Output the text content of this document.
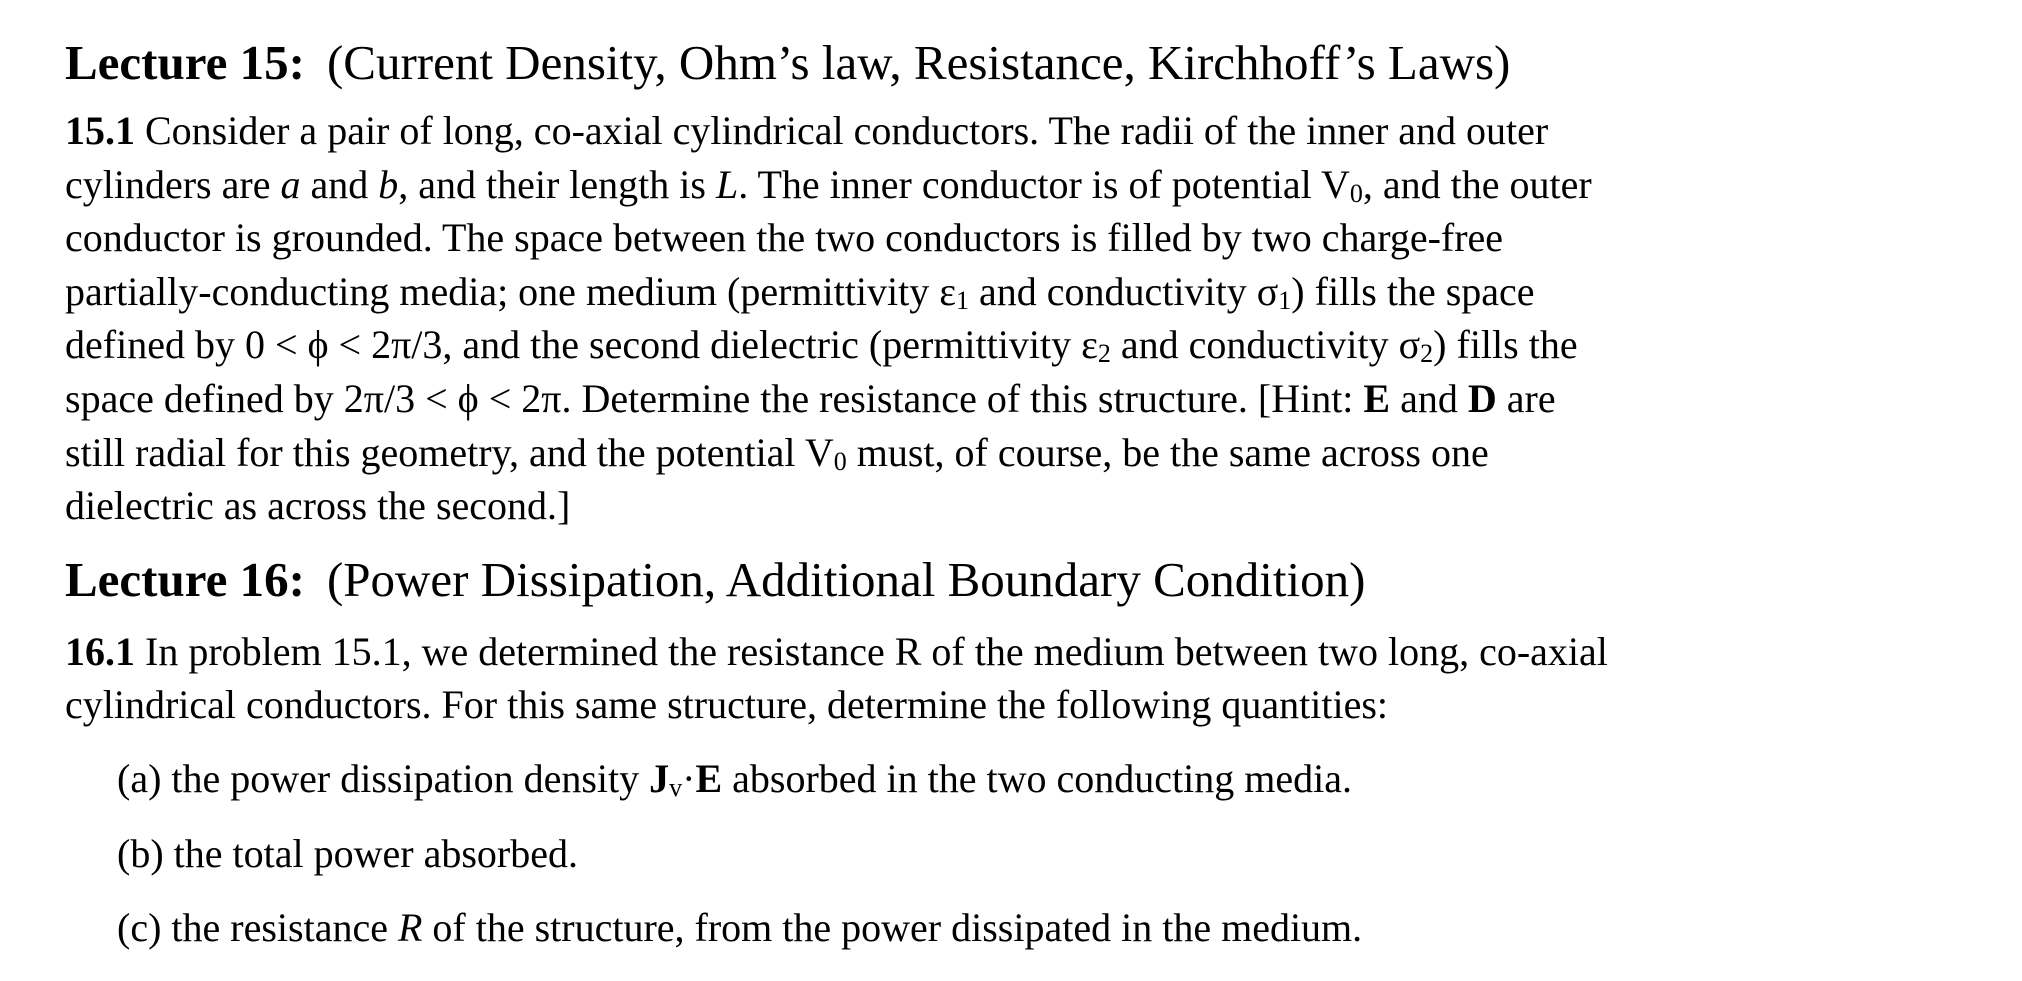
Lecture 15: (Current Density, Ohm’s law, Resistance, Kirchhoff’s Laws)

15.1 Consider a pair of long, co-axial cylindrical conductors. The radii of the inner and outer
cylinders are a and b, and their length is L. The inner conductor is of potential V0, and the outer
conductor is grounded. The space between the two conductors is filled by two charge-free
partially-conducting media; one medium (permittivity ε1 and conductivity σ1) fills the space
defined by 0 < ϕ < 2π/3, and the second dielectric (permittivity ε2 and conductivity σ2) fills the
space defined by 2π/3 < ϕ < 2π. Determine the resistance of this structure. [Hint: E and D are
still radial for this geometry, and the potential V0 must, of course, be the same across one
dielectric as across the second.]

Lecture 16: (Power Dissipation, Additional Boundary Condition)

16.1 In problem 15.1, we determined the resistance R of the medium between two long, co-axial
cylindrical conductors. For this same structure, determine the following quantities:

(a) the power dissipation density Jv·E absorbed in the two conducting media.

(b) the total power absorbed.

(c) the resistance R of the structure, from the power dissipated in the medium.
